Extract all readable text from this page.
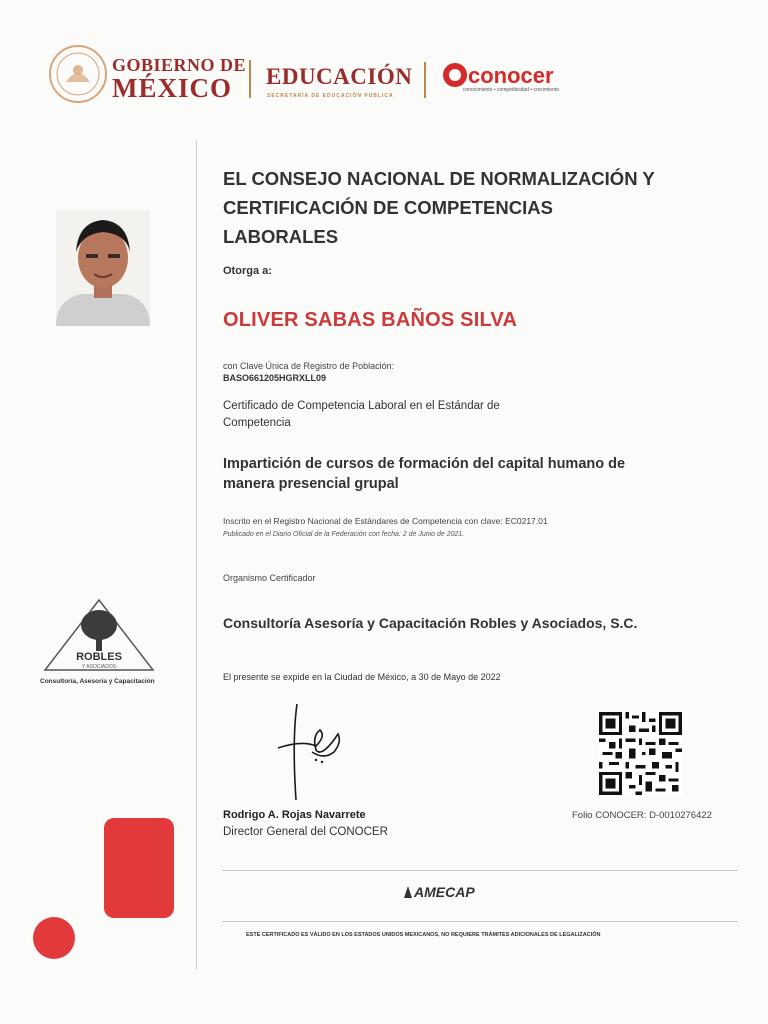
GOBIERNO DE
MÉXICO EDUCACIÓN
SECRETARÍA DE EDUCACIÓN PÚBLICA
conocer
conocimiento • competitividad • crecimiento
EL CONSEJO NACIONAL DE NORMALIZACIÓN Y CERTIFICACIÓN DE COMPETENCIAS LABORALES
Otorga a:
OLIVER SABAS BAÑOS SILVA
con Clave Única de Registro de Población:
BASO661205HGRXLL09
Certificado de Competencia Laboral en el Estándar de Competencia
Impartición de cursos de formación del capital humano de manera presencial grupal
Inscrito en el Registro Nacional de Estándares de Competencia con clave: EC0217.01
Publicado en el Diario Oficial de la Federación con fecha: 2 de Junio de 2021.
Organismo Certificador
Consultoría Asesoría y Capacitación Robles y Asociados, S.C.
El presente se expide en la Ciudad de México, a 30 de Mayo de 2022
ROBLES
Y ASOCIADOS
Consultoría, Asesoría y Capacitación
Rodrigo A. Rojas Navarrete
Director General del CONOCER
Folio CONOCER: D-0010276422
AMECAP
ESTE CERTIFICADO ES VÁLIDO EN LOS ESTADOS UNIDOS MEXICANOS, NO REQUIERE TRÁMITES ADICIONALES DE LEGALIZACIÓN
